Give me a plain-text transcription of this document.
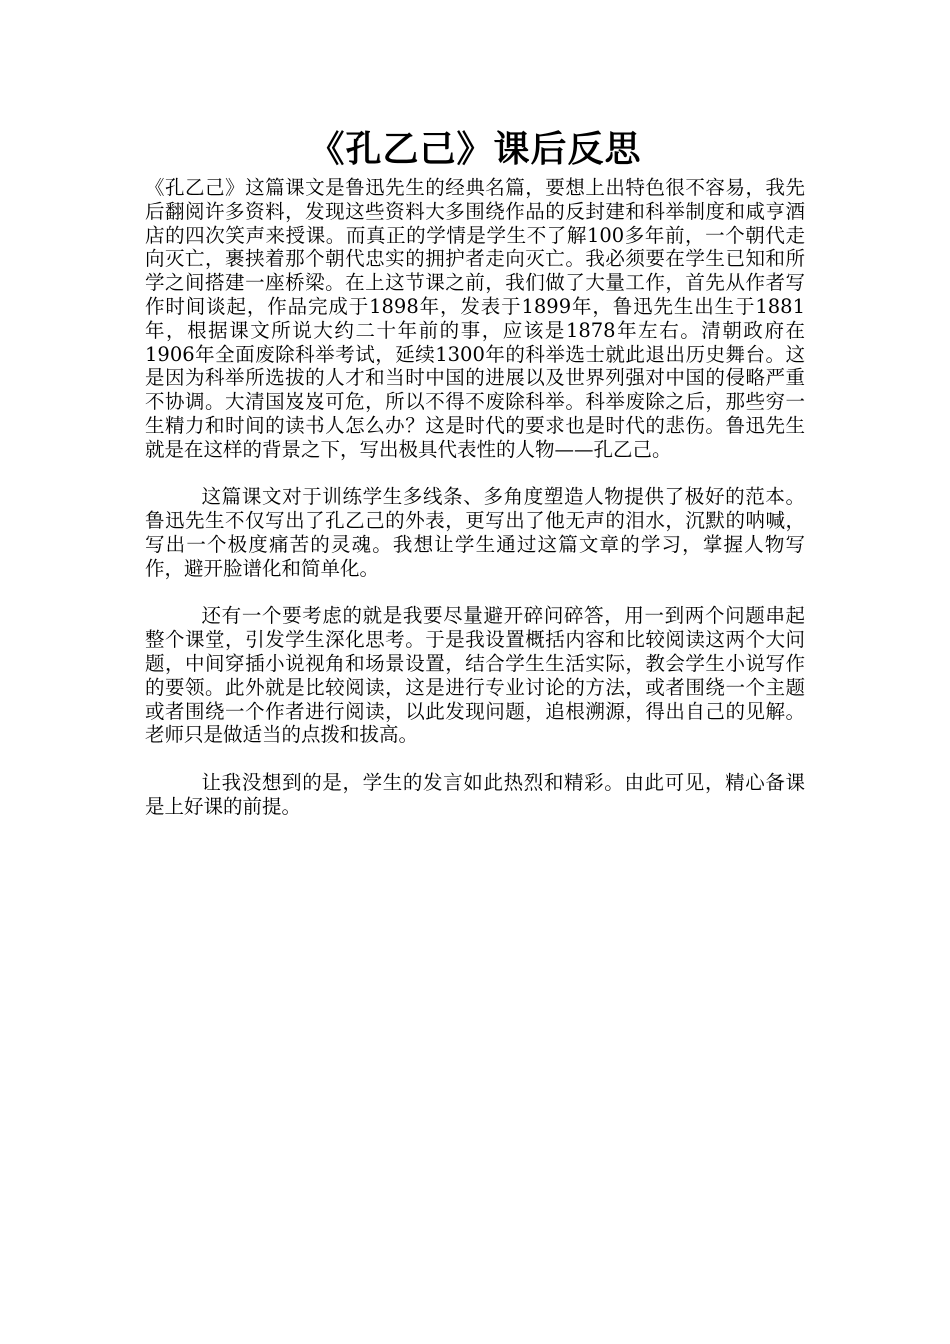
《孔乙己》课后反思

《孔乙己》这篇课文是鲁迅先生的经典名篇，要想上出特色很不容易，我先后翻阅许多资料，发现这些资料大多围绕作品的反封建和科举制度和咸亨酒店的四次笑声来授课。而真正的学情是学生不了解100多年前，一个朝代走向灭亡，裹挟着那个朝代忠实的拥护者走向灭亡。我必须要在学生已知和所学之间搭建一座桥梁。在上这节课之前，我们做了大量工作，首先从作者写作时间谈起，作品完成于1898年，发表于1899年，鲁迅先生出生于1881年，根据课文所说大约二十年前的事，应该是1878年左右。清朝政府在1906年全面废除科举考试，延续1300年的科举选士就此退出历史舞台。这是因为科举所选拔的人才和当时中国的进展以及世界列强对中国的侵略严重不协调。大清国岌岌可危，所以不得不废除科举。科举废除之后，那些穷一生精力和时间的读书人怎么办？这是时代的要求也是时代的悲伤。鲁迅先生就是在这样的背景之下，写出极具代表性的人物——孔乙己。

这篇课文对于训练学生多线条、多角度塑造人物提供了极好的范本。鲁迅先生不仅写出了孔乙己的外表，更写出了他无声的泪水，沉默的呐喊，写出一个极度痛苦的灵魂。我想让学生通过这篇文章的学习，掌握人物写作，避开脸谱化和简单化。

还有一个要考虑的就是我要尽量避开碎问碎答，用一到两个问题串起整个课堂，引发学生深化思考。于是我设置概括内容和比较阅读这两个大问题，中间穿插小说视角和场景设置，结合学生生活实际，教会学生小说写作的要领。此外就是比较阅读，这是进行专业讨论的方法，或者围绕一个主题或者围绕一个作者进行阅读，以此发现问题，追根溯源，得出自己的见解。老师只是做适当的点拨和拔高。

让我没想到的是，学生的发言如此热烈和精彩。由此可见，精心备课是上好课的前提。
